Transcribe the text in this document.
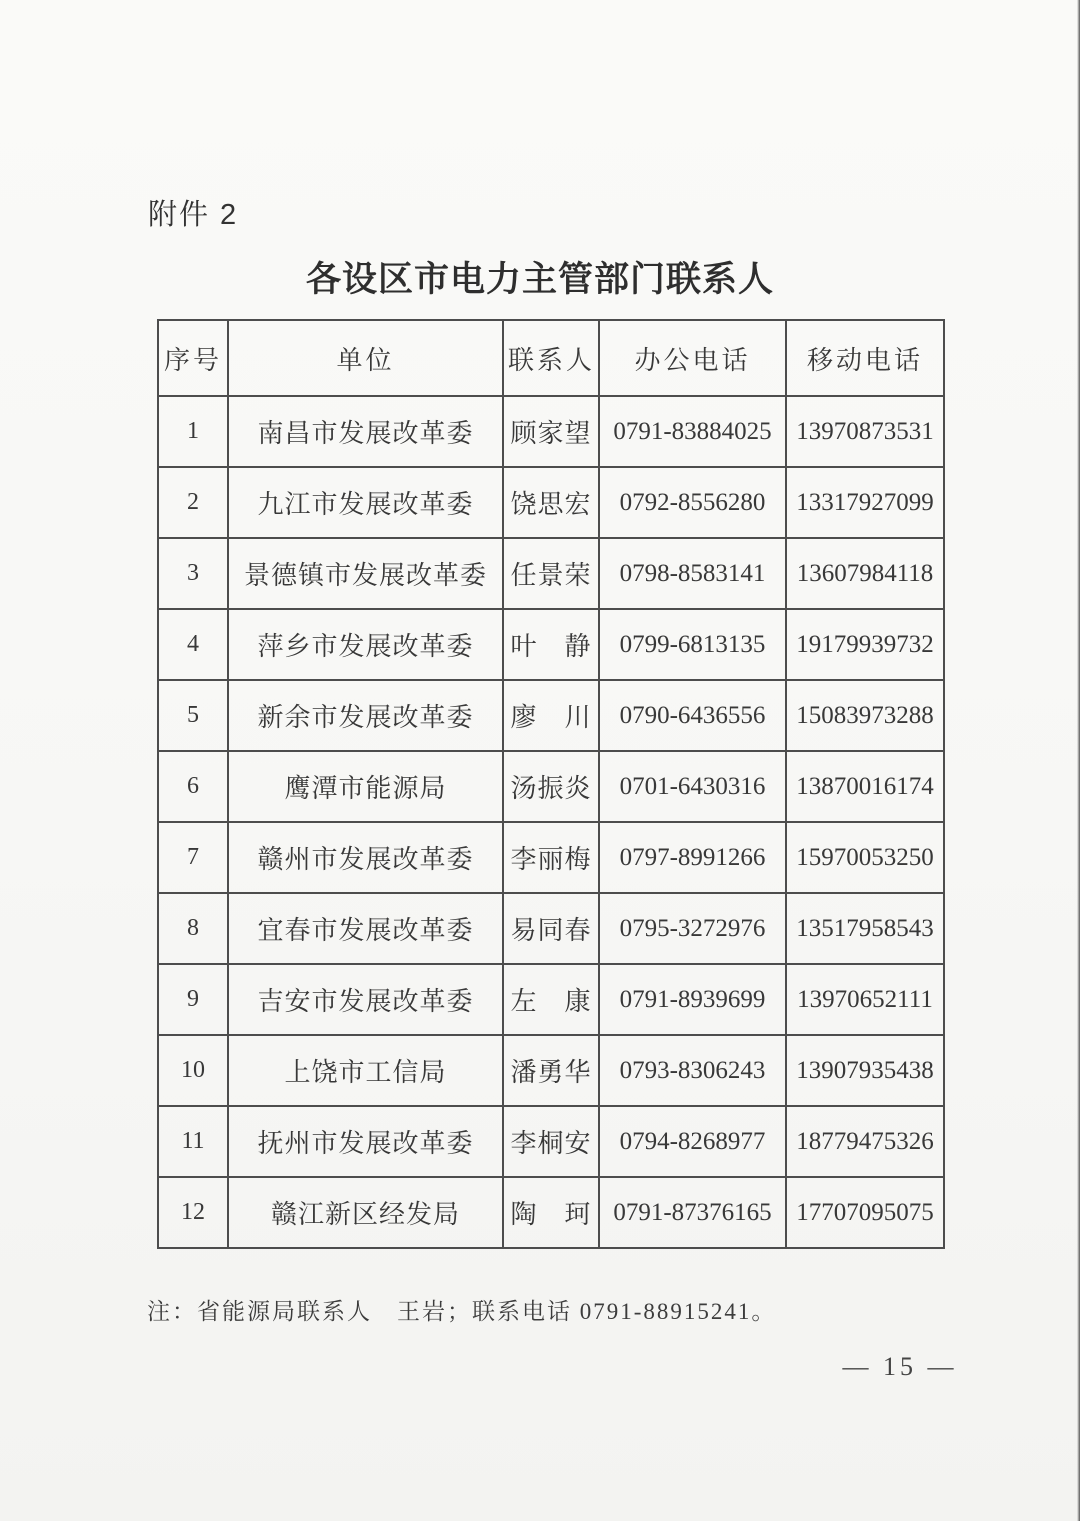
附件 2
各设区市电力主管部门联系人
序号	单位	联系人	办公电话	移动电话
1	南昌市发展改革委	顾家望	0791-83884025	13970873531
2	九江市发展改革委	饶思宏	0792-8556280	13317927099
3	景德镇市发展改革委	任景荣	0798-8583141	13607984118
4	萍乡市发展改革委	叶　静	0799-6813135	19179939732
5	新余市发展改革委	廖　川	0790-6436556	15083973288
6	鹰潭市能源局	汤振炎	0701-6430316	13870016174
7	赣州市发展改革委	李丽梅	0797-8991266	15970053250
8	宜春市发展改革委	易同春	0795-3272976	13517958543
9	吉安市发展改革委	左　康	0791-8939699	13970652111
10	上饶市工信局	潘勇华	0793-8306243	13907935438
11	抚州市发展改革委	李桐安	0794-8268977	18779475326
12	赣江新区经发局	陶　珂	0791-87376165	17707095075
注：省能源局联系人　王岩；联系电话 0791-88915241。
— 15 —
